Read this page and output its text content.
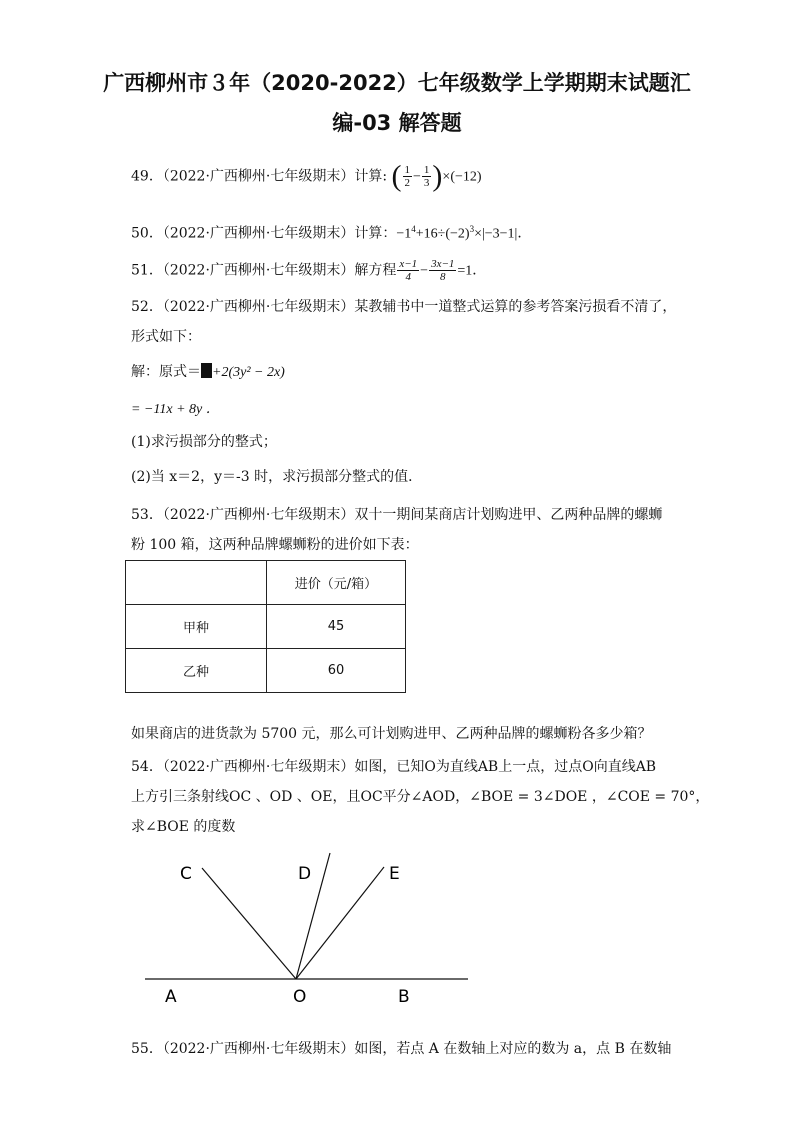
广西柳州市３年（2020-2022）七年级数学上学期期末试题汇
编-03 解答题
49．（2022·广西柳州·七年级期末）计算: ( $\frac{1}{2} - \frac{1}{3} )\times(-12)$
50．（2022·广西柳州·七年级期末）计算：$-1^4+16\div(-2)^3\times|-3-1|$．
51．（2022·广西柳州·七年级期末）解方程 $\frac{x-1}{4} - \frac{3x-1}{8} =1$．
52．（2022·广西柳州·七年级期末）某教辅书中一道整式运算的参考答案污损看不清了，
形式如下：
解：原式＝ +2(3y² − 2x)
= −11x + 8y ．
(1)求污损部分的整式；
(2)当 x＝2，y＝-3 时，求污损部分整式的值．
53．（2022·广西柳州·七年级期末）双十一期间某商店计划购进甲、乙两种品牌的螺蛳
粉 100 箱，这两种品牌螺蛳粉的进价如下表：
	进价（元/箱）
甲种	45
乙种	60
如果商店的进货款为 5700 元，那么可计划购进甲、乙两种品牌的螺蛳粉各多少箱？
54．（2022·广西柳州·七年级期末）如图，已知O为直线AB上一点，过点O向直线AB
上方引三条射线OC 、OD 、OE，且OC平分∠AOD，∠BOE = 3∠DOE ，∠COE = 70°，
求∠BOE 的度数
C	D	E
A	O	B
55．（2022·广西柳州·七年级期末）如图，若点 A 在数轴上对应的数为 a，点 B 在数轴
